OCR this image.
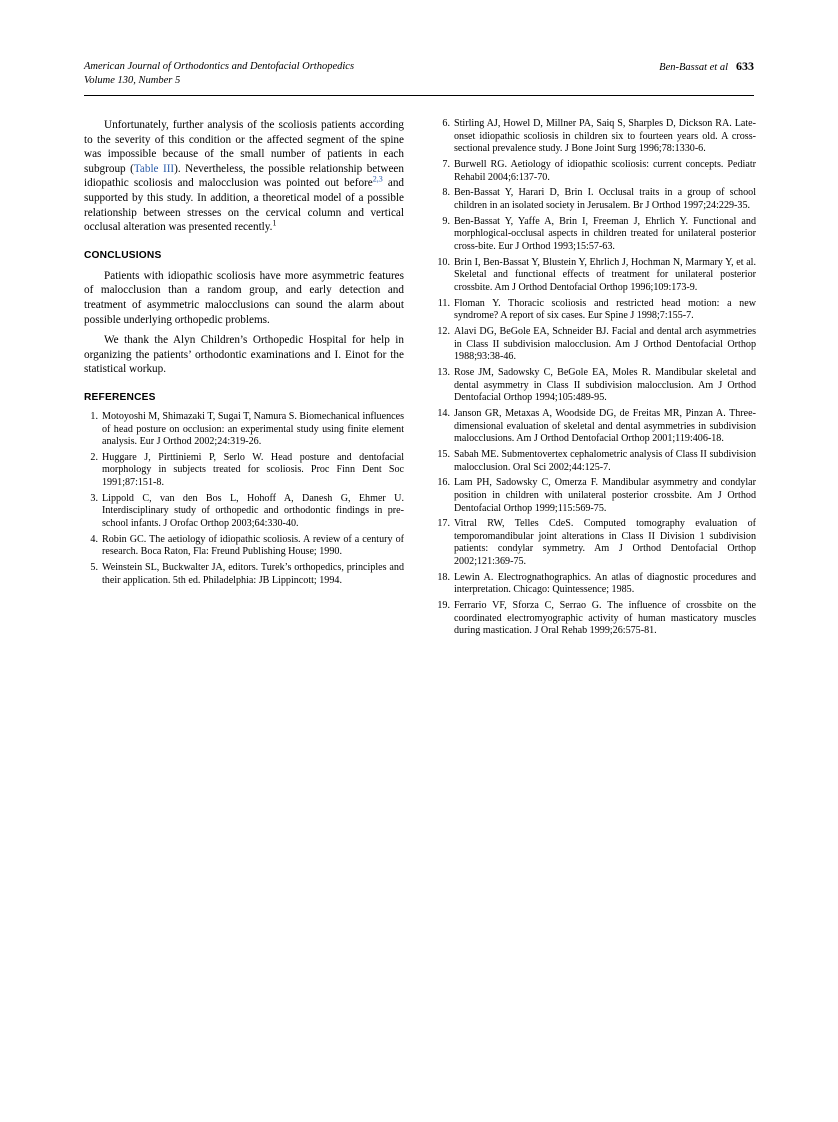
American Journal of Orthodontics and Dentofacial Orthopedics
Volume 130, Number 5
Ben-Bassat et al 633

Unfortunately, further analysis of the scoliosis patients according to the severity of this condition or the affected segment of the spine was impossible because of the small number of patients in each subgroup (Table III). Nevertheless, the possible relationship between idiopathic scoliosis and malocclusion was pointed out before$^{2,3}$ and supported by this study. In addition, a theoretical model of a possible relationship between stresses on the cervical column and vertical occlusal alteration was presented recently.$^1$

CONCLUSIONS

Patients with idiopathic scoliosis have more asymmetric features of malocclusion than a random group, and early detection and treatment of asymmetric malocclusions can sound the alarm about possible underlying orthopedic problems.

We thank the Alyn Children’s Orthopedic Hospital for help in organizing the patients’ orthodontic examinations and I. Einot for the statistical workup.

REFERENCES
1. Motoyoshi M, Shimazaki T, Sugai T, Namura S. Biomechanical influences of head posture on occlusion: an experimental study using finite element analysis. Eur J Orthod 2002;24:319-26.
2. Huggare J, Pirttiniemi P, Serlo W. Head posture and dentofacial morphology in subjects treated for scoliosis. Proc Finn Dent Soc 1991;87:151-8.
3. Lippold C, van den Bos L, Hohoff A, Danesh G, Ehmer U. Interdisciplinary study of orthopedic and orthodontic findings in pre-school infants. J Orofac Orthop 2003;64:330-40.
4. Robin GC. The aetiology of idiopathic scoliosis. A review of a century of research. Boca Raton, Fla: Freund Publishing House; 1990.
5. Weinstein SL, Buckwalter JA, editors. Turek’s orthopedics, principles and their application. 5th ed. Philadelphia: JB Lippincott; 1994.
6. Stirling AJ, Howel D, Millner PA, Saiq S, Sharples D, Dickson RA. Late-onset idiopathic scoliosis in children six to fourteen years old. A cross-sectional prevalence study. J Bone Joint Surg 1996;78:1330-6.
7. Burwell RG. Aetiology of idiopathic scoliosis: current concepts. Pediatr Rehabil 2004;6:137-70.
8. Ben-Bassat Y, Harari D, Brin I. Occlusal traits in a group of school children in an isolated society in Jerusalem. Br J Orthod 1997;24:229-35.
9. Ben-Bassat Y, Yaffe A, Brin I, Freeman J, Ehrlich Y. Functional and morphlogical-occlusal aspects in children treated for unilateral posterior cross-bite. Eur J Orthod 1993;15:57-63.
10. Brin I, Ben-Bassat Y, Blustein Y, Ehrlich J, Hochman N, Marmary Y, et al. Skeletal and functional effects of treatment for unilateral posterior crossbite. Am J Orthod Dentofacial Orthop 1996;109:173-9.
11. Floman Y. Thoracic scoliosis and restricted head motion: a new syndrome? A report of six cases. Eur Spine J 1998;7:155-7.
12. Alavi DG, BeGole EA, Schneider BJ. Facial and dental arch asymmetries in Class II subdivision malocclusion. Am J Orthod Dentofacial Orthop 1988;93:38-46.
13. Rose JM, Sadowsky C, BeGole EA, Moles R. Mandibular skeletal and dental asymmetry in Class II subdivision malocclusion. Am J Orthod Dentofacial Orthop 1994;105:489-95.
14. Janson GR, Metaxas A, Woodside DG, de Freitas MR, Pinzan A. Three-dimensional evaluation of skeletal and dental asymmetries in subdivision malocclusions. Am J Orthod Dentofacial Orthop 2001;119:406-18.
15. Sabah ME. Submentovertex cephalometric analysis of Class II subdivision malocclusion. Oral Sci 2002;44:125-7.
16. Lam PH, Sadowsky C, Omerza F. Mandibular asymmetry and condylar position in children with unilateral posterior crossbite. Am J Orthod Dentofacial Orthop 1999;115:569-75.
17. Vitral RW, Telles CdeS. Computed tomography evaluation of temporomandibular joint alterations in Class II Division 1 subdivision patients: condylar symmetry. Am J Orthod Dentofacial Orthop 2002;121:369-75.
18. Lewin A. Electrognathographics. An atlas of diagnostic procedures and interpretation. Chicago: Quintessence; 1985.
19. Ferrario VF, Sforza C, Serrao G. The influence of crossbite on the coordinated electromyographic activity of human masticatory muscles during mastication. J Oral Rehab 1999;26:575-81.
